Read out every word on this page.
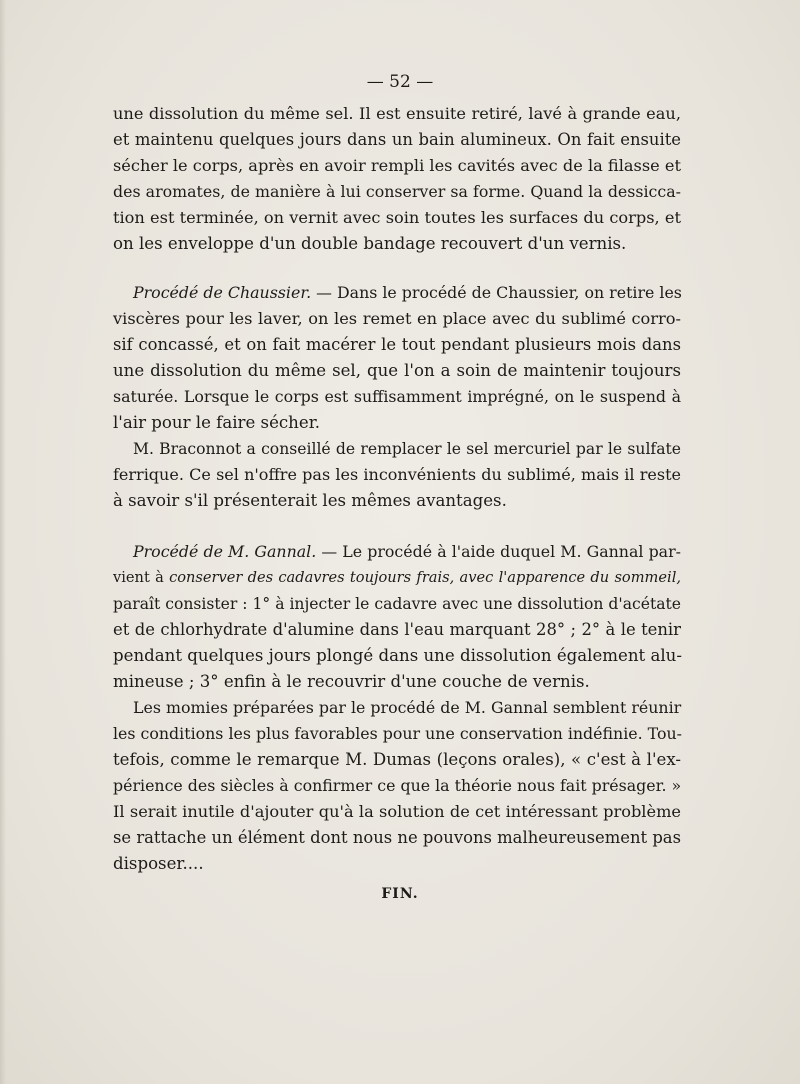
— 52 —
une dissolution du même sel. Il est ensuite retiré, lavé à grande eau,
et maintenu quelques jours dans un bain alumineux. On fait ensuite
sécher le corps, après en avoir rempli les cavités avec de la filasse et
des aromates, de manière à lui conserver sa forme. Quand la dessicca-
tion est terminée, on vernit avec soin toutes les surfaces du corps, et
on les enveloppe d'un double bandage recouvert d'un vernis.
Procédé de Chaussier. — Dans le procédé de Chaussier, on retire les
viscères pour les laver, on les remet en place avec du sublimé corro-
sif concassé, et on fait macérer le tout pendant plusieurs mois dans
une dissolution du même sel, que l'on a soin de maintenir toujours
saturée. Lorsque le corps est suffisamment imprégné, on le suspend à
l'air pour le faire sécher.
M. Braconnot a conseillé de remplacer le sel mercuriel par le sulfate
ferrique. Ce sel n'offre pas les inconvénients du sublimé, mais il reste
à savoir s'il présenterait les mêmes avantages.
Procédé de M. Gannal. — Le procédé à l'aide duquel M. Gannal par-
vient à conserver des cadavres toujours frais, avec l'apparence du sommeil,
paraît consister : 1° à injecter le cadavre avec une dissolution d'acétate
et de chlorhydrate d'alumine dans l'eau marquant 28° ; 2° à le tenir
pendant quelques jours plongé dans une dissolution également alu-
mineuse ; 3° enfin à le recouvrir d'une couche de vernis.
Les momies préparées par le procédé de M. Gannal semblent réunir
les conditions les plus favorables pour une conservation indéfinie. Tou-
tefois, comme le remarque M. Dumas (leçons orales), « c'est à l'ex-
périence des siècles à confirmer ce que la théorie nous fait présager. »
Il serait inutile d'ajouter qu'à la solution de cet intéressant problème
se rattache un élément dont nous ne pouvons malheureusement pas
disposer....
FIN.
